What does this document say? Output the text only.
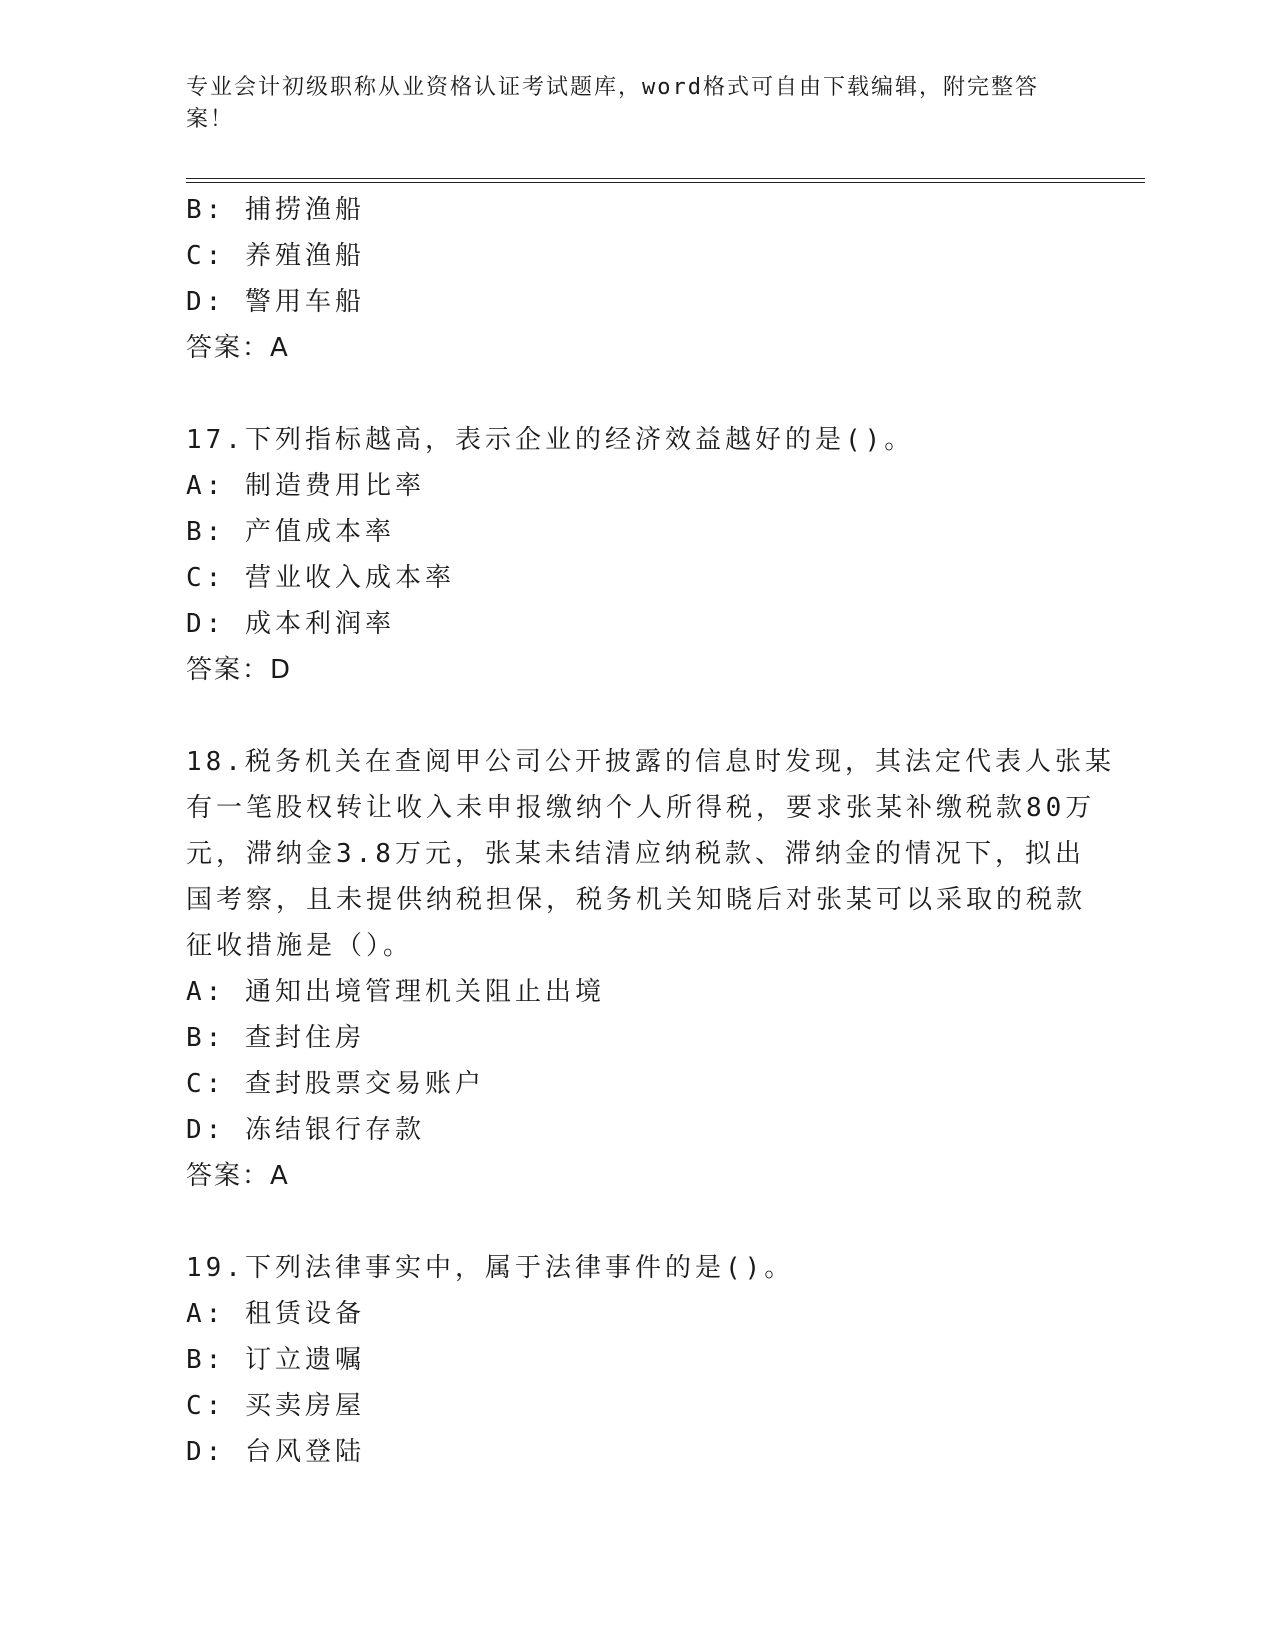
专业会计初级职称从业资格认证考试题库，word格式可自由下载编辑，附完整答案！
B: 捕捞渔船
C: 养殖渔船
D: 警用车船
答案：A
17.下列指标越高，表示企业的经济效益越好的是()。
A: 制造费用比率
B: 产值成本率
C: 营业收入成本率
D: 成本利润率
答案：D
18.税务机关在查阅甲公司公开披露的信息时发现，其法定代表人张某
有一笔股权转让收入未申报缴纳个人所得税，要求张某补缴税款80万
元，滞纳金3.8万元，张某未结清应纳税款、滞纳金的情况下，拟出
国考察，且未提供纳税担保，税务机关知晓后对张某可以采取的税款
征收措施是（）。
A: 通知出境管理机关阻止出境
B: 查封住房
C: 查封股票交易账户
D: 冻结银行存款
答案：A
19.下列法律事实中，属于法律事件的是()。
A: 租赁设备
B: 订立遗嘱
C: 买卖房屋
D: 台风登陆
